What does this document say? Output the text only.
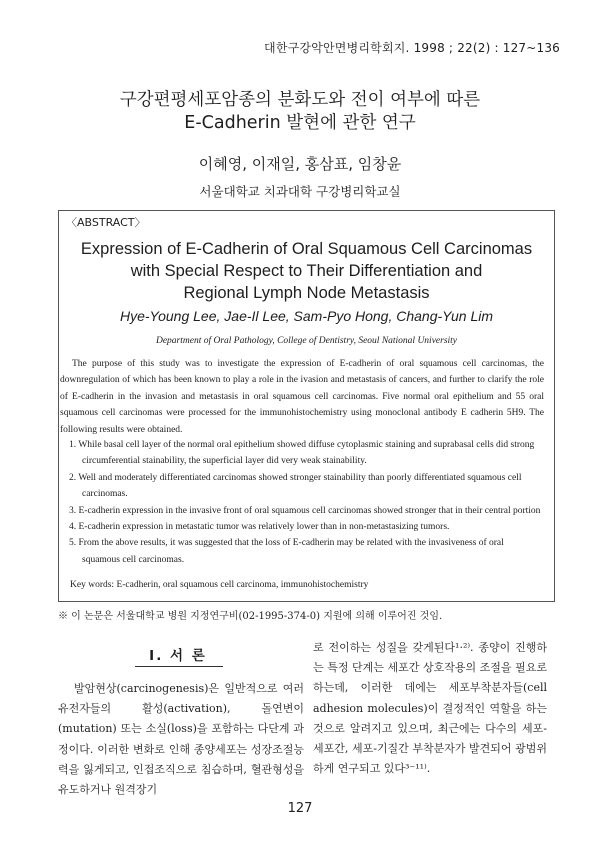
대한구강악안면병리학회지. 1998 ; 22(2) : 127~136
구강편평세포암종의 분화도와 전이 여부에 따른
E-Cadherin 발현에 관한 연구
이혜영, 이재일, 홍삼표, 임창윤
서울대학교 치과대학 구강병리학교실
〈ABSTRACT〉
Expression of E-Cadherin of Oral Squamous Cell Carcinomas
with Special Respect to Their Differentiation and
Regional Lymph Node Metastasis
Hye-Young Lee, Jae-Il Lee, Sam-Pyo Hong, Chang-Yun Lim
Department of Oral Pathology, College of Dentistry, Seoul National University
The purpose of this study was to investigate the expression of E-cadherin of oral squamous cell carcinomas, the downregulation of which has been known to play a role in the ivasion and metastasis of cancers, and further to clarify the role of E-cadherin in the invasion and metastasis in oral squamous cell carcinomas. Five normal oral epithelium and 55 oral squamous cell carcinomas were processed for the immunohistochemistry using monoclonal antibody E cadherin 5H9. The following results were obtained.
1. While basal cell layer of the normal oral epithelium showed diffuse cytoplasmic staining and suprabasal cells did strong circumferential stainability, the superficial layer did very weak stainability.
2. Well and moderately differentiated carcinomas showed stronger stainability than poorly differentiated squamous cell carcinomas.
3. E-cadherin expression in the invasive front of oral squamous cell carcinomas showed stronger that in their central portion
4. E-cadherin expression in metastatic tumor was relatively lower than in non-metastasizing tumors.
5. From the above results, it was suggested that the loss of E-cadherin may be related with the invasiveness of oral squamous cell carcinomas.
Key words: E-cadherin, oral squamous cell carcinoma, immunohistochemistry
※ 이 논문은 서울대학교 병원 지정연구비(02-1995-374-0) 지원에 의해 이루어진 것임.
I. 서 론
발암현상(carcinogenesis)은 일반적으로 여러 유전자들의 활성(activation), 돌연변이(mutation) 또는 소실(loss)을 포함하는 다단계 과정이다. 이러한 변화로 인해 종양세포는 성장조절능력을 잃게되고, 인접조직으로 침습하며, 혈관형성을 유도하거나 원격장기
로 전이하는 성질을 갖게된다¹·²⁾. 종양이 진행하는 특정 단계는 세포간 상호작용의 조절을 필요로 하는데, 이러한 데에는 세포부착분자들(cell adhesion molecules)이 결정적인 역할을 하는 것으로 알려지고 있으며, 최근에는 다수의 세포-세포간, 세포-기질간 부착분자가 발견되어 광범위하게 연구되고 있다³⁻¹¹⁾.
127
